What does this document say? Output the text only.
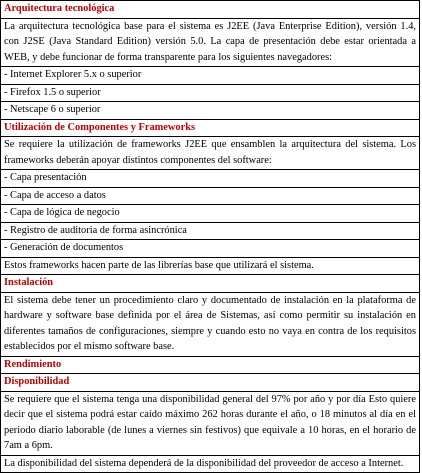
Arquitectura tecnológica
La arquitectura tecnológica base para el sistema es J2EE (Java Enterprise Edition), versión 1.4, con J2SE (Java Standard Edition) versión 5.0. La capa de presentación debe estar orientada a WEB, y debe funcionar de forma transparente para los siguientes navegadores:
- Internet Explorer 5.x o superior
- Firefox 1.5 o superior
- Netscape 6 o superior
Utilización de Componentes y Frameworks
Se requiere la utilización de frameworks J2EE que ensamblen la arquitectura del sistema. Los frameworks deberán apoyar distintos componentes del software:
- Capa presentación
- Capa de acceso a datos
- Capa de lógica de negocio
- Registro de auditoria de forma asincrónica
- Generación de documentos
Estos frameworks hacen parte de las librerías base que utilizará el sistema.
Instalación
El sistema debe tener un procedimiento claro y documentado de instalación en la plataforma de hardware y software base definida por el área de Sistemas, así como permitir su instalación en diferentes tamaños de configuraciones, siempre y cuando esto no vaya en contra de los requisitos establecidos por el mismo software base.
Rendimiento
Disponibilidad
Se requiere que el sistema tenga una disponibilidad general del 97% por año y por día Esto quiere decir que el sistema podrá estar caído máximo 262 horas durante el año, o 18 minutos al día en el periodo diario laborable (de lunes a viernes sin festivos) que equivale a 10 horas, en el horario de 7am a 6pm.
La disponibilidad del sistema dependerá de la disponibilidad del proveedor de acceso a Internet.
